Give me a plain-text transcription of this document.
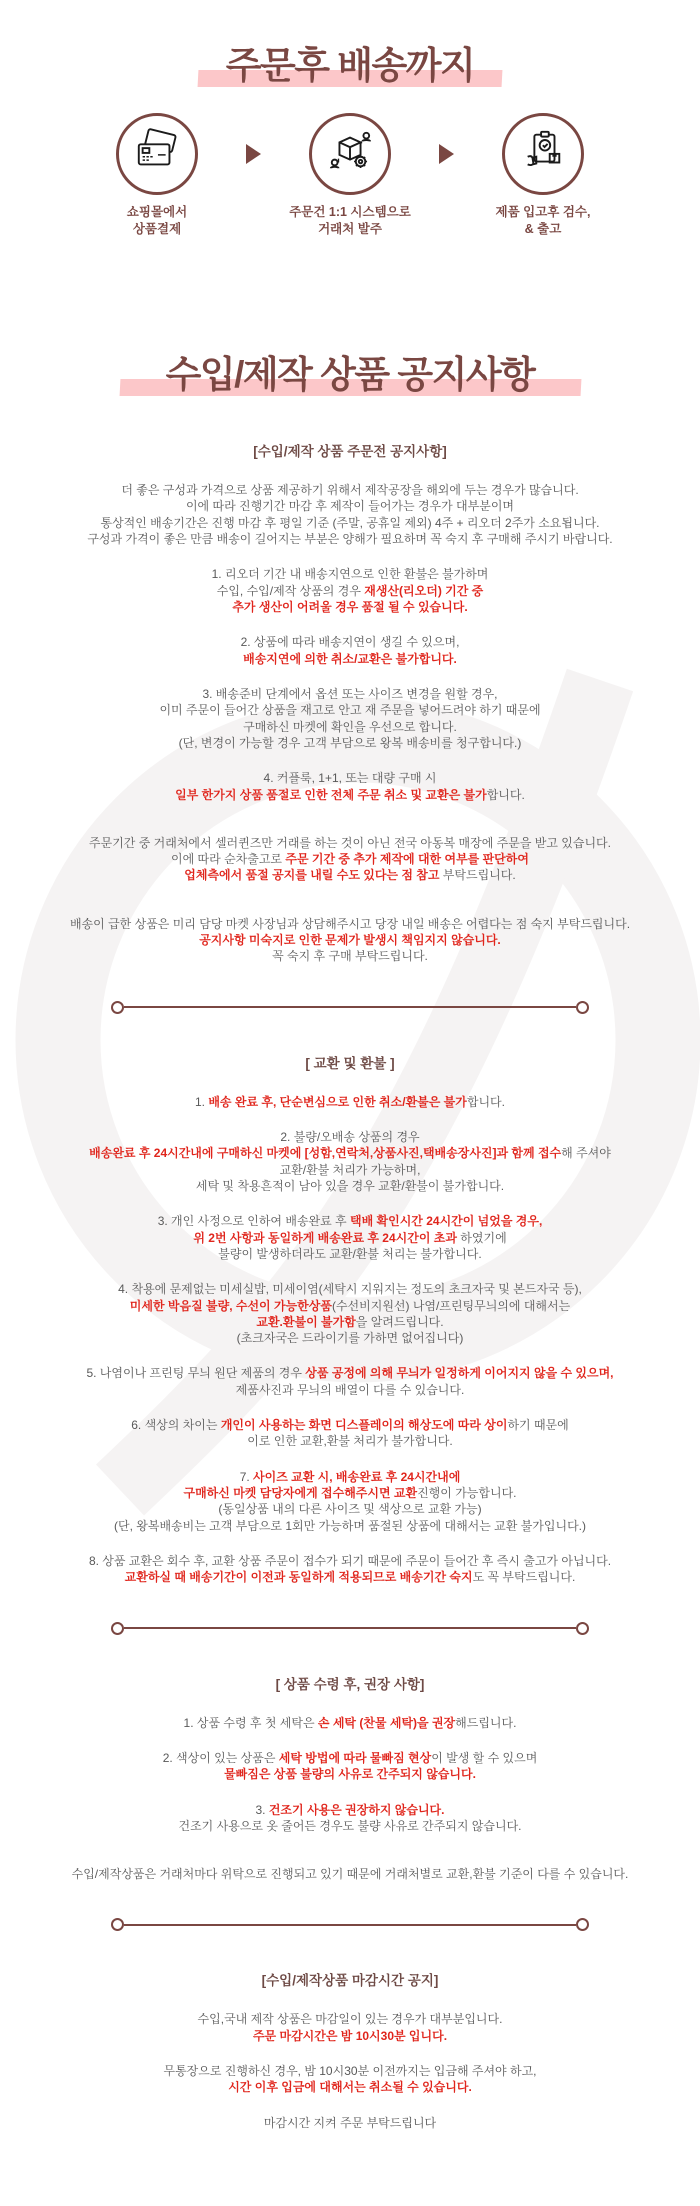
주문후 배송까지
쇼핑몰에서
상품결제
주문건 1:1 시스템으로
거래처 발주
제품 입고후 검수,
& 출고
수입/제작 상품 공지사항
[수입/제작 상품 주문전 공지사항]
더 좋은 구성과 가격으로 상품 제공하기 위해서 제작공장을 해외에 두는 경우가 많습니다.
이에 따라 진행기간 마감 후 제작이 들어가는 경우가 대부분이며
통상적인 배송기간은 진행 마감 후 평일 기준 (주말, 공휴일 제외) 4주 + 리오더 2주가 소요됩니다.
구성과 가격이 좋은 만큼 배송이 길어지는 부분은 양해가 필요하며 꼭 숙지 후 구매해 주시기 바랍니다.
1. 리오더 기간 내 배송지연으로 인한 환불은 불가하며
수입, 수입/제작 상품의 경우 재생산(리오더) 기간 중
추가 생산이 어려울 경우 품절 될 수 있습니다.
2. 상품에 따라 배송지연이 생길 수 있으며,
배송지연에 의한 취소/교환은 불가합니다.
3. 배송준비 단계에서 옵션 또는 사이즈 변경을 원할 경우,
이미 주문이 들어간 상품을 재고로 안고 재 주문을 넣어드려야 하기 때문에
구매하신 마켓에 확인을 우선으로 합니다.
(단, 변경이 가능할 경우 고객 부담으로 왕복 배송비를 청구합니다.)
4. 커플룩, 1+1, 또는 대량 구매 시
일부 한가지 상품 품절로 인한 전체 주문 취소 및 교환은 불가합니다.
주문기간 중 거래처에서 셀러퀸즈만 거래를 하는 것이 아닌 전국 아동복 매장에 주문을 받고 있습니다.
이에 따라 순차출고로 주문 기간 중 추가 제작에 대한 여부를 판단하여
업체측에서 품절 공지를 내릴 수도 있다는 점 참고 부탁드립니다.
배송이 급한 상품은 미리 담당 마켓 사장님과 상담해주시고 당장 내일 배송은 어렵다는 점 숙지 부탁드립니다.
공지사항 미숙지로 인한 문제가 발생시 책임지지 않습니다.
꼭 숙지 후 구매 부탁드립니다.
[ 교환 및 환불 ]
1. 배송 완료 후, 단순변심으로 인한 취소/환불은 불가합니다.
2. 불량/오배송 상품의 경우
배송완료 후 24시간내에 구매하신 마켓에 [성함,연락처,상품사진,택배송장사진]과 함께 접수해 주셔야
교환/환불 처리가 가능하며,
세탁 및 착용흔적이 남아 있을 경우 교환/환불이 불가합니다.
3. 개인 사정으로 인하여 배송완료 후 택배 확인시간 24시간이 넘었을 경우,
위 2번 사항과 동일하게 배송완료 후 24시간이 초과 하였기에
불량이 발생하더라도 교환/환불 처리는 불가합니다.
4. 착용에 문제없는 미세실밥, 미세이염(세탁시 지워지는 정도의 초크자국 및 본드자국 등),
미세한 박음질 불량, 수선이 가능한상품(수선비지원선) 나염/프린팅무늬의에 대해서는
교환.환불이 불가함을 알려드립니다.
(초크자국은 드라이기를 가하면 없어집니다)
5. 나염이나 프린팅 무늬 원단 제품의 경우 상품 공정에 의해 무늬가 일정하게 이어지지 않을 수 있으며,
제품사진과 무늬의 배열이 다를 수 있습니다.
6. 색상의 차이는 개인이 사용하는 화면 디스플레이의 해상도에 따라 상이하기 때문에
이로 인한 교환,환불 처리가 불가합니다.
7. 사이즈 교환 시, 배송완료 후 24시간내에
구매하신 마켓 담당자에게 접수해주시면 교환진행이 가능합니다.
(동일상품 내의 다른 사이즈 및 색상으로 교환 가능)
(단, 왕복배송비는 고객 부담으로 1회만 가능하며 품절된 상품에 대해서는 교환 불가입니다.)
8. 상품 교환은 회수 후, 교환 상품 주문이 접수가 되기 때문에 주문이 들어간 후 즉시 출고가 아닙니다.
교환하실 때 배송기간이 이전과 동일하게 적용되므로 배송기간 숙지도 꼭 부탁드립니다.
[ 상품 수령 후, 권장 사항]
1. 상품 수령 후 첫 세탁은 손 세탁 (찬물 세탁)을 권장해드립니다.
2. 색상이 있는 상품은 세탁 방법에 따라 물빠짐 현상이 발생 할 수 있으며
물빠짐은 상품 불량의 사유로 간주되지 않습니다.
3. 건조기 사용은 권장하지 않습니다.
건조기 사용으로 옷 줄어든 경우도 불량 사유로 간주되지 않습니다.
수입/제작상품은 거래처마다 위탁으로 진행되고 있기 때문에 거래처별로 교환,환불 기준이 다를 수 있습니다.
[수입/제작상품 마감시간 공지]
수입,국내 제작 상품은 마감일이 있는 경우가 대부분입니다.
주문 마감시간은 밤 10시30분 입니다.
무통장으로 진행하신 경우, 밤 10시30분 이전까지는 입금해 주셔야 하고,
시간 이후 입금에 대해서는 취소될 수 있습니다.
마감시간 지켜 주문 부탁드립니다
